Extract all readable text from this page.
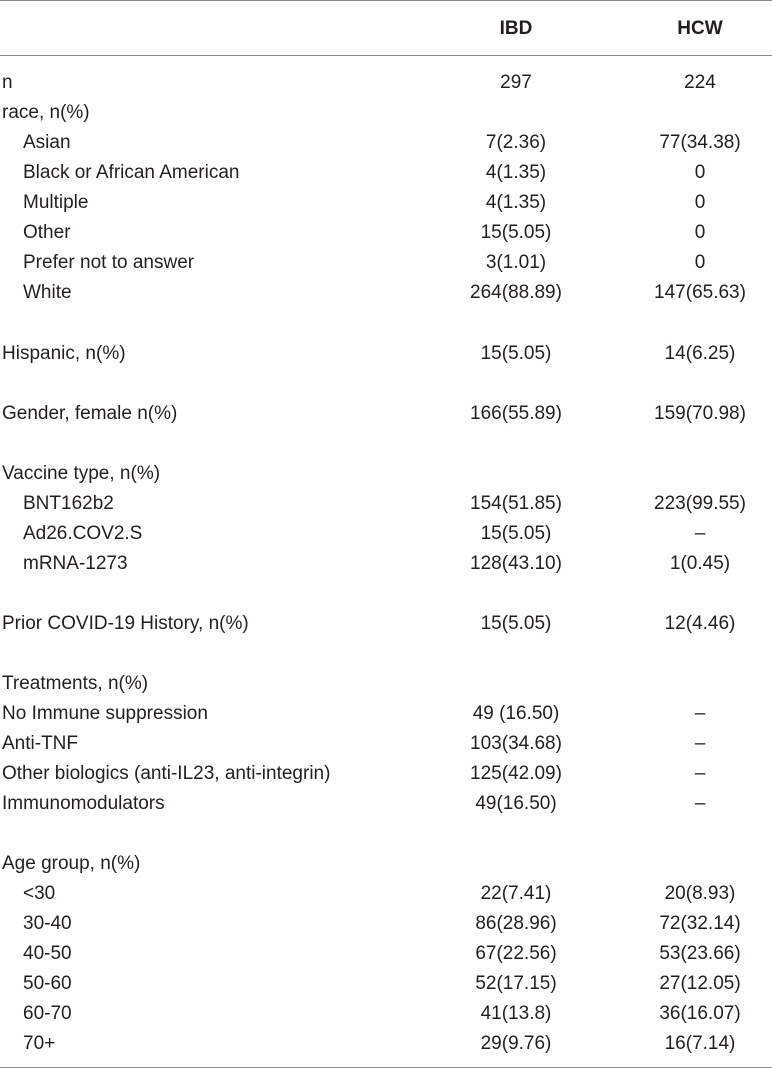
IBD	HCW
n	297	224
race, n(%)
Asian	7(2.36)	77(34.38)
Black or African American	4(1.35)	0
Multiple	4(1.35)	0
Other	15(5.05)	0
Prefer not to answer	3(1.01)	0
White	264(88.89)	147(65.63)
Hispanic, n(%)	15(5.05)	14(6.25)
Gender, female n(%)	166(55.89)	159(70.98)
Vaccine type, n(%)
BNT162b2	154(51.85)	223(99.55)
Ad26.COV2.S	15(5.05)	–
mRNA-1273	128(43.10)	1(0.45)
Prior COVID-19 History, n(%)	15(5.05)	12(4.46)
Treatments, n(%)
No Immune suppression	49 (16.50)	–
Anti-TNF	103(34.68)	–
Other biologics (anti-IL23, anti-integrin)	125(42.09)	–
Immunomodulators	49(16.50)	–
Age group, n(%)
<30	22(7.41)	20(8.93)
30-40	86(28.96)	72(32.14)
40-50	67(22.56)	53(23.66)
50-60	52(17.15)	27(12.05)
60-70	41(13.8)	36(16.07)
70+	29(9.76)	16(7.14)
